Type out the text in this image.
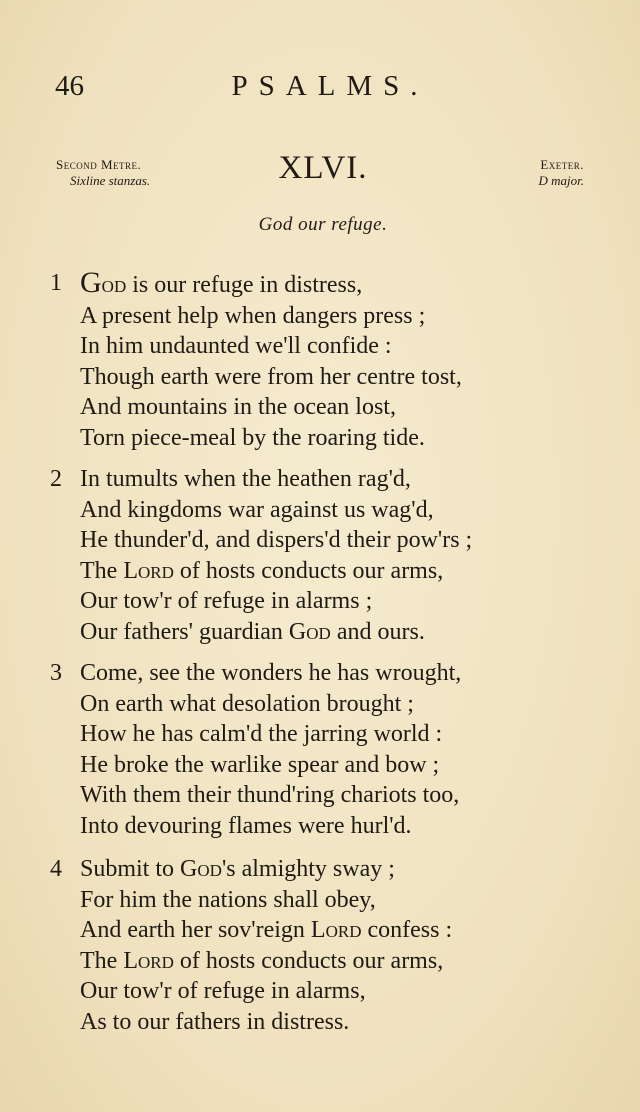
46	PSALMS.
Second Metre.
Sixline stanzas.	XLVI.	Exeter.
D major.
God our refuge.
1 God is our refuge in distress,
A present help when dangers press ;
In him undaunted we'll confide :
Though earth were from her centre tost,
And mountains in the ocean lost,
Torn piece-meal by the roaring tide.
2 In tumults when the heathen rag'd,
And kingdoms war against us wag'd,
He thunder'd, and dispers'd their pow'rs ;
The Lord of hosts conducts our arms,
Our tow'r of refuge in alarms ;
Our fathers' guardian God and ours.
3 Come, see the wonders he has wrought,
On earth what desolation brought ;
How he has calm'd the jarring world :
He broke the warlike spear and bow ;
With them their thund'ring chariots too,
Into devouring flames were hurl'd.
4 Submit to God's almighty sway ;
For him the nations shall obey,
And earth her sov'reign Lord confess :
The Lord of hosts conducts our arms,
Our tow'r of refuge in alarms,
As to our fathers in distress.
